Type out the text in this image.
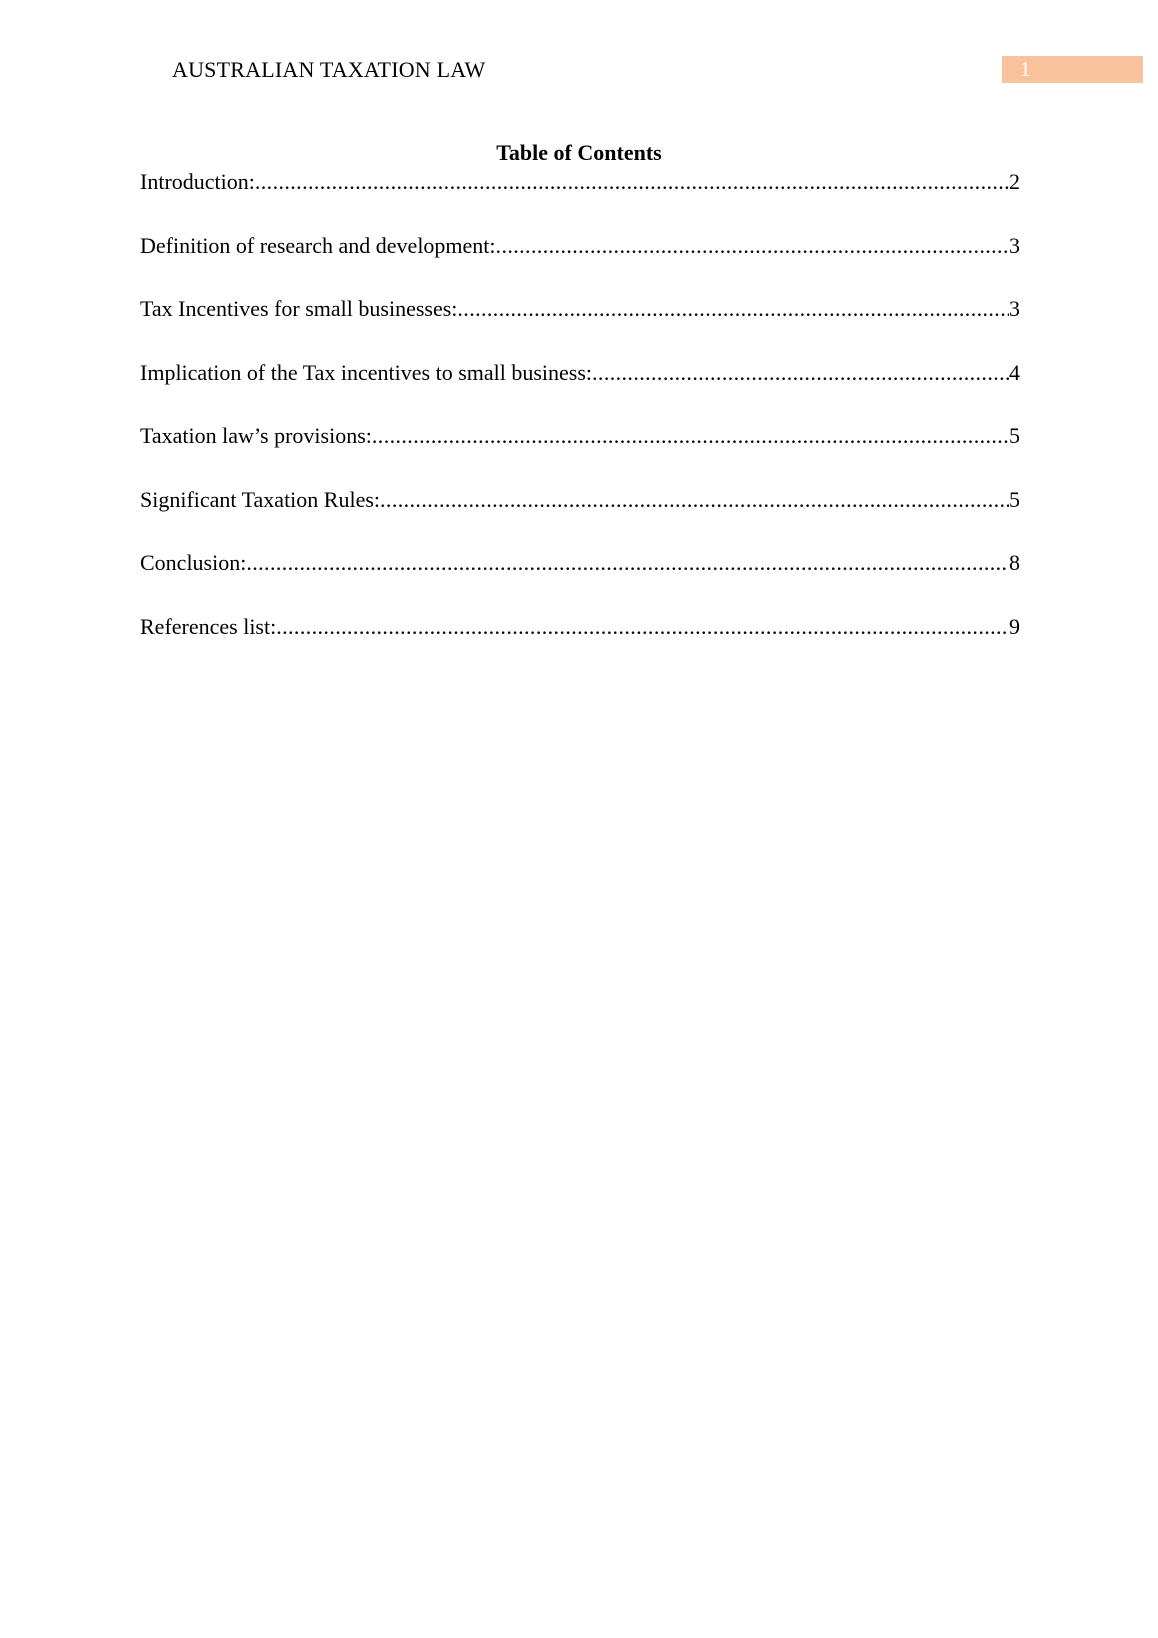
AUSTRALIAN TAXATION LAW	1
Table of Contents
Introduction: .....	2
Definition of research and development: .....	3
Tax Incentives for small businesses: .....	3
Implication of the Tax incentives to small business: .....	4
Taxation law’s provisions: .....	5
Significant Taxation Rules: .....	5
Conclusion: .....	8
References list: .....	9
